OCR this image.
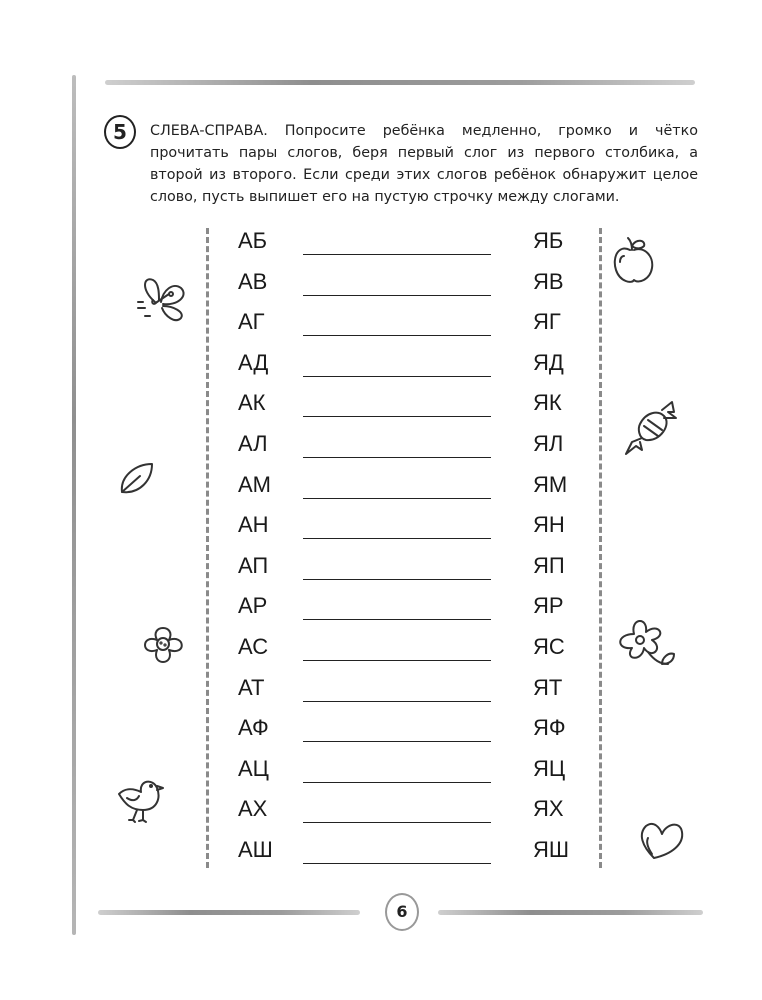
5	СЛЕВА-СПРАВА. Попросите ребёнка медленно, громко и чётко прочитать пары слогов, беря первый слог из первого столбика, а второй из второго. Если среди этих слогов ребёнок обнаружит целое слово, пусть выпишет его на пустую строчку между слогами.

АБ	ЯБ
АВ	ЯВ
АГ	ЯГ
АД	ЯД
АК	ЯК
АЛ	ЯЛ
АМ	ЯМ
АН	ЯН
АП	ЯП
АР	ЯР
АС	ЯС
АТ	ЯТ
АФ	ЯФ
АЦ	ЯЦ
АХ	ЯХ
АШ	ЯШ
6
